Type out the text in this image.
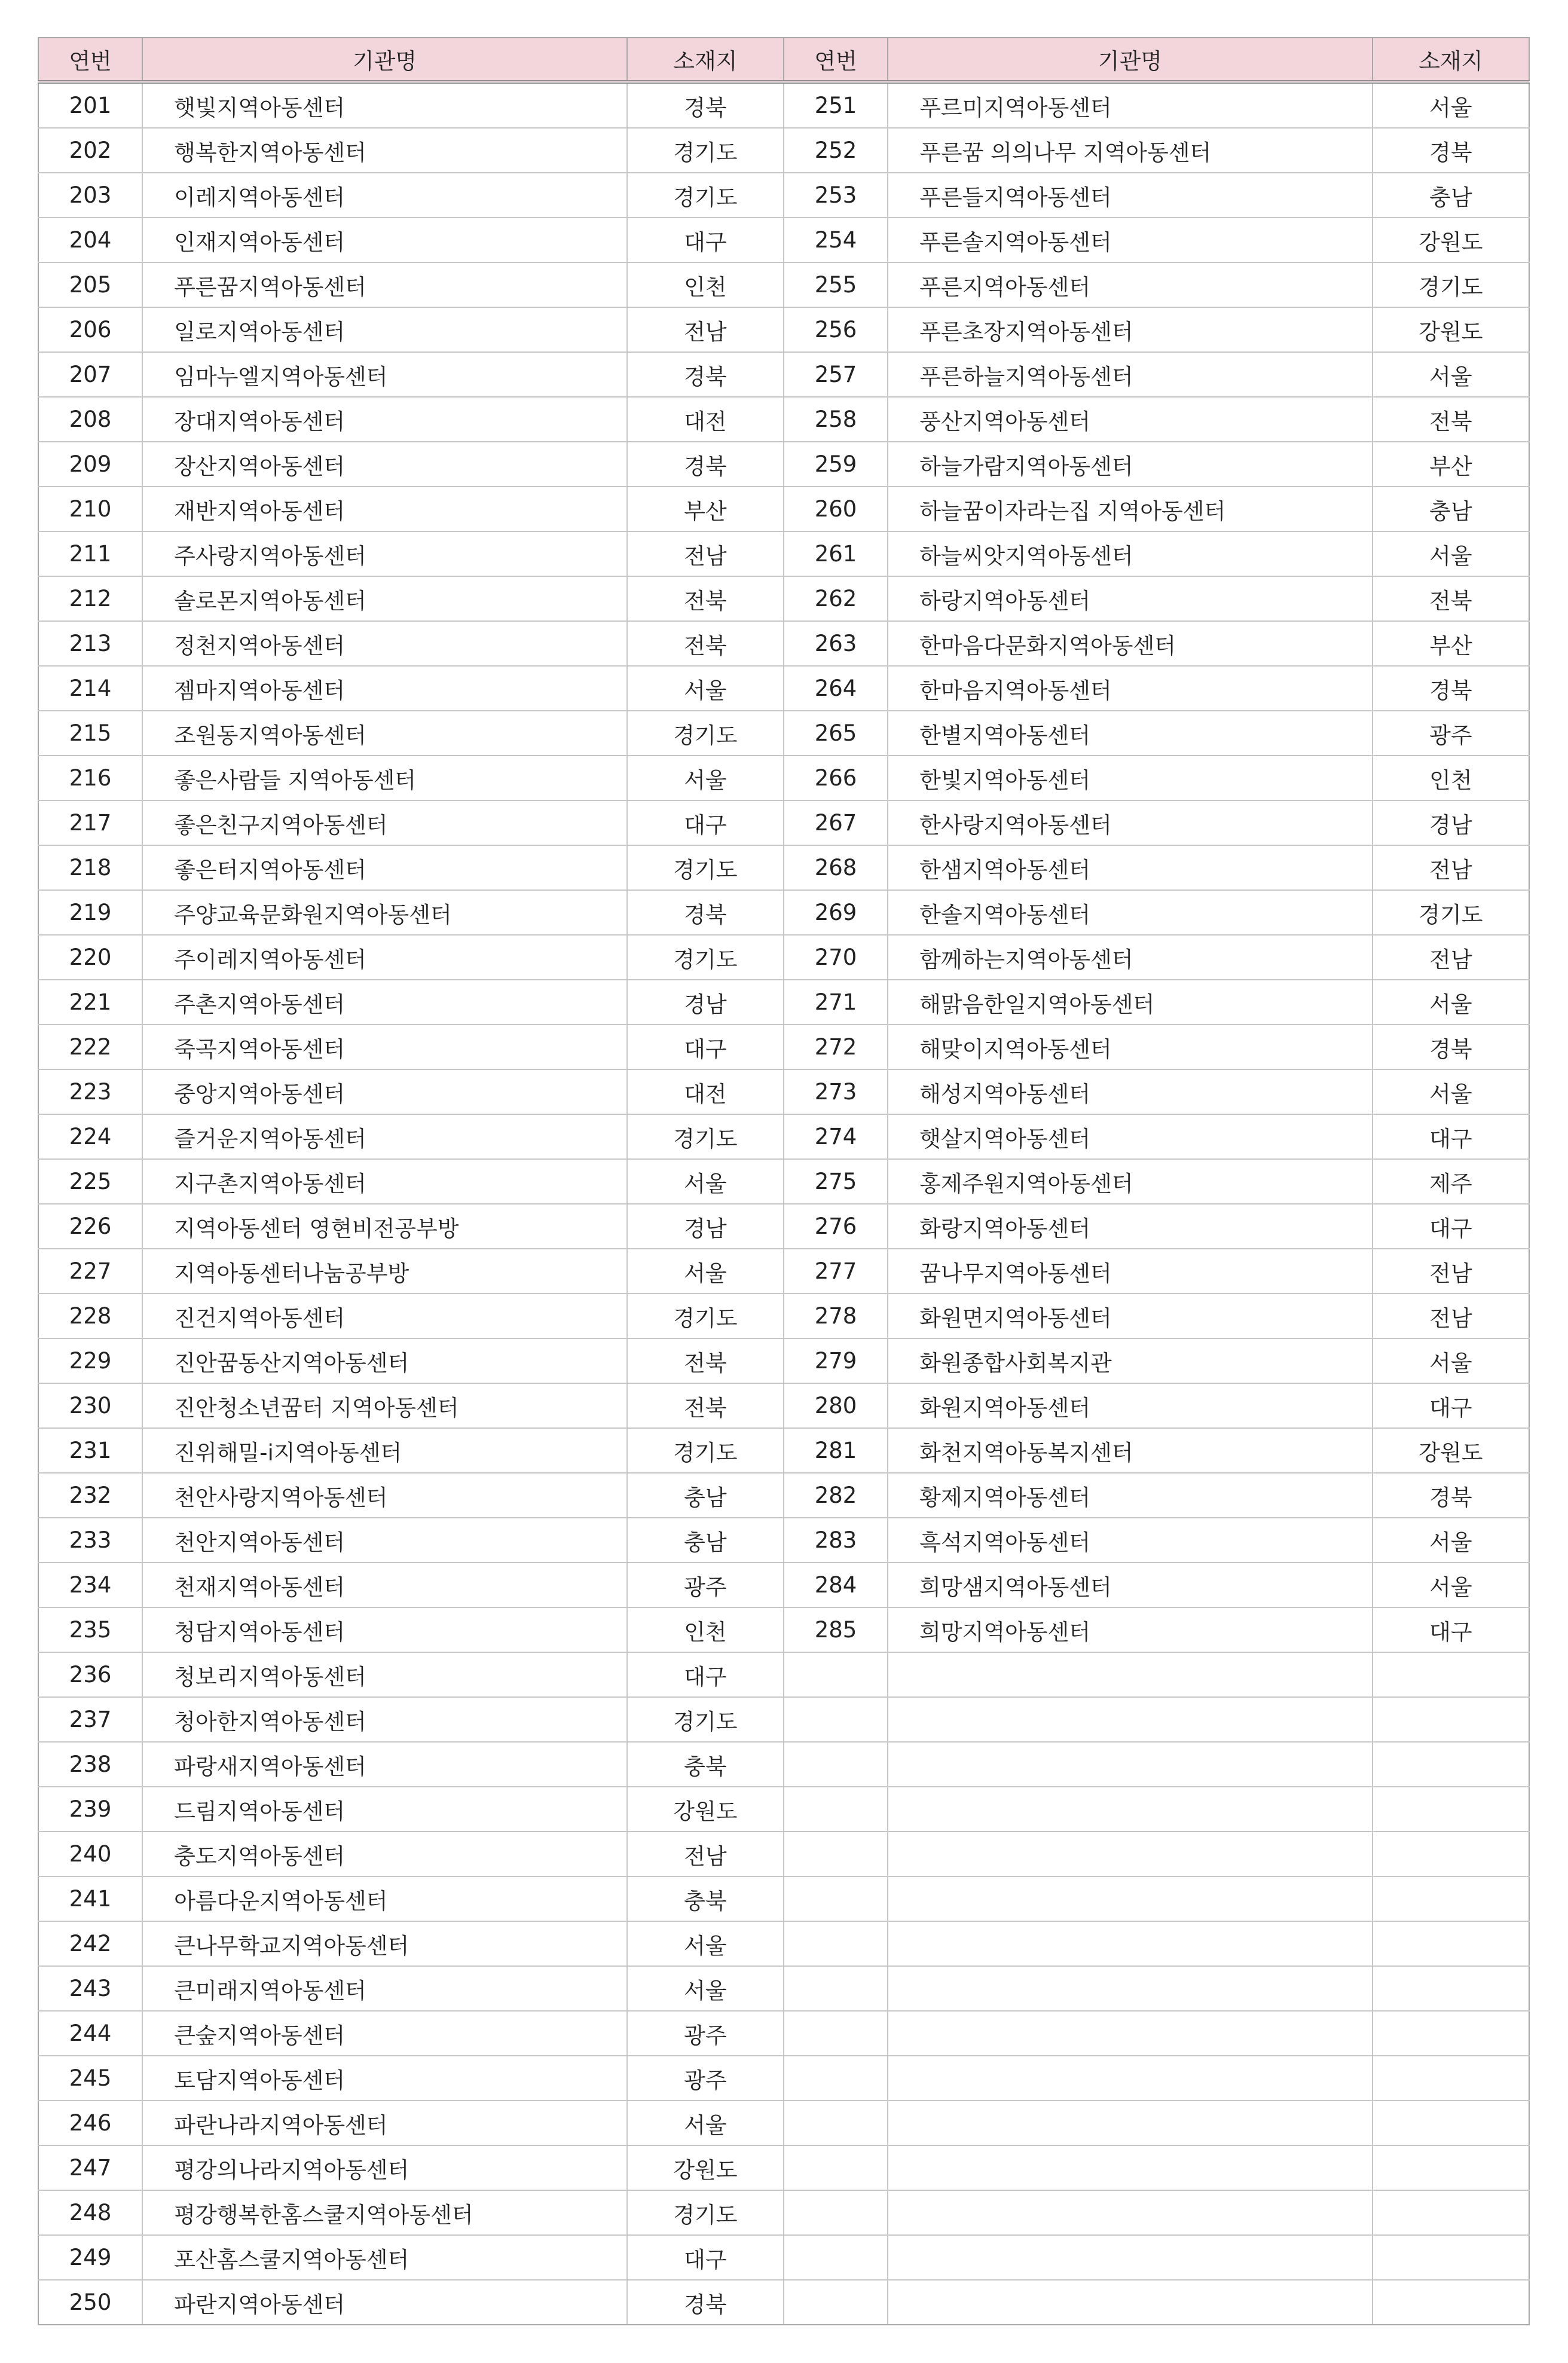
연번	기관명	소재지	연번	기관명	소재지
201	햇빛지역아동센터	경북	251	푸르미지역아동센터	서울
202	행복한지역아동센터	경기도	252	푸른꿈 의의나무 지역아동센터	경북
203	이레지역아동센터	경기도	253	푸른들지역아동센터	충남
204	인재지역아동센터	대구	254	푸른솔지역아동센터	강원도
205	푸른꿈지역아동센터	인천	255	푸른지역아동센터	경기도
206	일로지역아동센터	전남	256	푸른초장지역아동센터	강원도
207	임마누엘지역아동센터	경북	257	푸른하늘지역아동센터	서울
208	장대지역아동센터	대전	258	풍산지역아동센터	전북
209	장산지역아동센터	경북	259	하늘가람지역아동센터	부산
210	재반지역아동센터	부산	260	하늘꿈이자라는집 지역아동센터	충남
211	주사랑지역아동센터	전남	261	하늘씨앗지역아동센터	서울
212	솔로몬지역아동센터	전북	262	하랑지역아동센터	전북
213	정천지역아동센터	전북	263	한마음다문화지역아동센터	부산
214	젬마지역아동센터	서울	264	한마음지역아동센터	경북
215	조원동지역아동센터	경기도	265	한별지역아동센터	광주
216	좋은사람들 지역아동센터	서울	266	한빛지역아동센터	인천
217	좋은친구지역아동센터	대구	267	한사랑지역아동센터	경남
218	좋은터지역아동센터	경기도	268	한샘지역아동센터	전남
219	주양교육문화원지역아동센터	경북	269	한솔지역아동센터	경기도
220	주이레지역아동센터	경기도	270	함께하는지역아동센터	전남
221	주촌지역아동센터	경남	271	해맑음한일지역아동센터	서울
222	죽곡지역아동센터	대구	272	해맞이지역아동센터	경북
223	중앙지역아동센터	대전	273	해성지역아동센터	서울
224	즐거운지역아동센터	경기도	274	햇살지역아동센터	대구
225	지구촌지역아동센터	서울	275	홍제주원지역아동센터	제주
226	지역아동센터 영현비전공부방	경남	276	화랑지역아동센터	대구
227	지역아동센터나눔공부방	서울	277	꿈나무지역아동센터	전남
228	진건지역아동센터	경기도	278	화원면지역아동센터	전남
229	진안꿈동산지역아동센터	전북	279	화원종합사회복지관	서울
230	진안청소년꿈터 지역아동센터	전북	280	화원지역아동센터	대구
231	진위해밀-i지역아동센터	경기도	281	화천지역아동복지센터	강원도
232	천안사랑지역아동센터	충남	282	황제지역아동센터	경북
233	천안지역아동센터	충남	283	흑석지역아동센터	서울
234	천재지역아동센터	광주	284	희망샘지역아동센터	서울
235	청담지역아동센터	인천	285	희망지역아동센터	대구
236	청보리지역아동센터	대구			
237	청아한지역아동센터	경기도			
238	파랑새지역아동센터	충북			
239	드림지역아동센터	강원도			
240	충도지역아동센터	전남			
241	아름다운지역아동센터	충북			
242	큰나무학교지역아동센터	서울			
243	큰미래지역아동센터	서울			
244	큰숲지역아동센터	광주			
245	토담지역아동센터	광주			
246	파란나라지역아동센터	서울			
247	평강의나라지역아동센터	강원도			
248	평강행복한홈스쿨지역아동센터	경기도			
249	포산홈스쿨지역아동센터	대구			
250	파란지역아동센터	경북			
